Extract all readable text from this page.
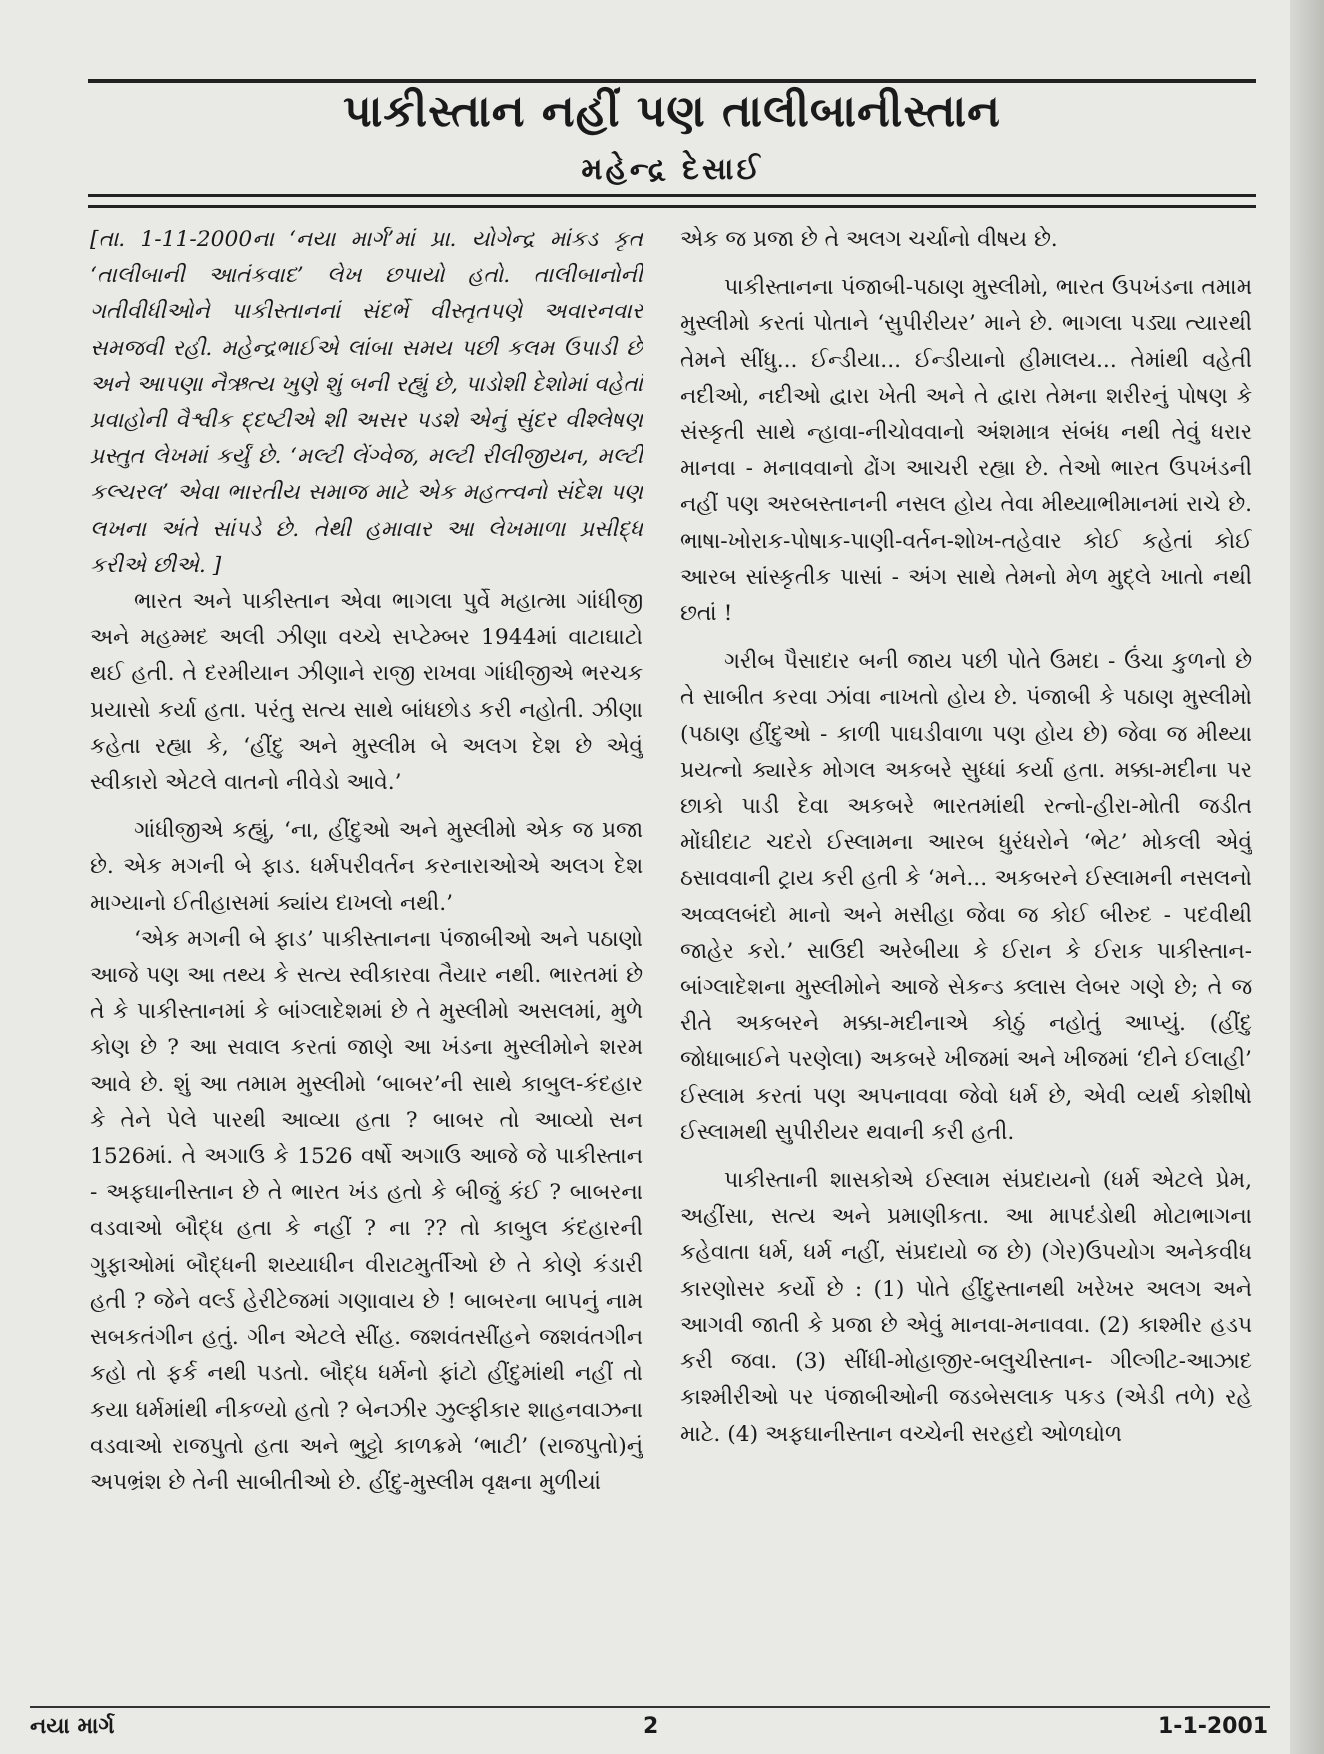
પાકીસ્તાન નહીં પણ તાલીબાનીસ્તાન
મહેન્દ્ર દેસાઈ

[તા. 1-11-2000ના ‘નયા માર્ગ’માં પ્રા. યોગેન્દ્ર માંકડ કૃત ‘તાલીબાની આતંકવાદ’ લેખ છપાયો હતો. તાલીબાનોની ગતીવીધીઓને પાકીસ્તાનનાં સંદર્ભે વીસ્તૃતપણે અવારનવાર સમજવી રહી. મહેન્દ્રભાઈએ લાંબા સમય પછી કલમ ઉપાડી છે અને આપણા નૈઋત્ય ખુણે શું બની રહ્યું છે, પાડોશી દેશોમાં વહેતાં પ્રવાહોની વૈશ્વીક દ્દષ્ટીએ શી અસર પડશે એનું સુંદર વીશ્લેષણ પ્રસ્તુત લેખમાં કર્યું છે. ‘મલ્ટી લેંગ્વેજ, મલ્ટી રીલીજીયન, મલ્ટી કલ્ચરલ’ એવા ભારતીય સમાજ માટે એક મહત્ત્વનો સંદેશ પણ લખના અંતે સાંપડે છે. તેથી હમાવાર આ લેખમાળા પ્રસીદ્ધ કરીએ છીએ. ]

ભારત અને પાકીસ્તાન એવા ભાગલા પુર્વે મહાત્મા ગાંધીજી અને મહમ્મદ અલી ઝીણા વચ્ચે સપ્ટેમ્બર 1944માં વાટાઘાટો થઈ હતી. તે દરમીયાન ઝીણાને રાજી રાખવા ગાંધીજીએ ભરચક પ્રયાસો કર્યા હતા. પરંતુ સત્ય સાથે બાંધછોડ કરી નહોતી. ઝીણા કહેતા રહ્યા કે, ‘હીંદુ અને મુસ્લીમ બે અલગ દેશ છે એવું સ્વીકારો એટલે વાતનો નીવેડો આવે.’

ગાંધીજીએ કહ્યું, ‘ના, હીંદુઓ અને મુસ્લીમો એક જ પ્રજા છે. એક મગની બે ફાડ. ધર્મપરીવર્તન કરનારાઓએ અલગ દેશ માગ્યાનો ઈતીહાસમાં ક્યાંય દાખલો નથી.’

‘એક મગની બે ફાડ’ પાકીસ્તાનના પંજાબીઓ અને પઠાણો આજે પણ આ તથ્ય કે સત્ય સ્વીકારવા તૈયાર નથી. ભારતમાં છે તે કે પાકીસ્તાનમાં કે બાંગ્લાદેશમાં છે તે મુસ્લીમો અસલમાં, મુળે કોણ છે ? આ સવાલ કરતાં જાણે આ ખંડના મુસ્લીમોને શરમ આવે છે. શું આ તમામ મુસ્લીમો ‘બાબર’ની સાથે કાબુલ-કંદહાર કે તેને પેલે પારથી આવ્યા હતા ? બાબર તો આવ્યો સન 1526માં. તે અગાઉ કે 1526 વર્ષો અગાઉ આજે જે પાકીસ્તાન - અફઘાનીસ્તાન છે તે ભારત ખંડ હતો કે બીજું કંઈ ? બાબરના વડવાઓ બૌદ્ધ હતા કે નહીં ? ના ?? તો કાબુલ કંદહારની ગુફાઓમાં બૌદ્ધની શય્યાધીન વીરાટમુર્તીઓ છે તે કોણે કંડારી હતી ? જેને વર્લ્ડ હેરીટેજમાં ગણાવાય છે ! બાબરના બાપનું નામ સબકતંગીન હતું. ગીન એટલે સીંહ. જશવંતસીંહને જશવંતગીન કહો તો ફર્ક નથી પડતો. બૌદ્ધ ધર્મનો ફાંટો હીંદુમાંથી નહીં તો કયા ધર્મમાંથી નીકળ્યો હતો ? બેનઝીર ઝુલ્ફીકાર શાહનવાઝના વડવાઓ રાજપુતો હતા અને ભુટ્ટો કાળક્રમે ‘ભાટી’ (રાજપુતો)નું અપભ્રંશ છે તેની સાબીતીઓ છે. હીંદુ-મુસ્લીમ વૃક્ષના મુળીયાં

એક જ પ્રજા છે તે અલગ ચર્ચાનો વીષય છે.

પાકીસ્તાનના પંજાબી-પઠાણ મુસ્લીમો, ભારત ઉપખંડના તમામ મુસ્લીમો કરતાં પોતાને ‘સુપીરીયર’ માને છે. ભાગલા પડ્યા ત્યારથી તેમને સીંધુ... ઈન્ડીયા... ઈન્ડીયાનો હીમાલય... તેમાંથી વહેતી નદીઓ, નદીઓ દ્વારા ખેતી અને તે દ્વારા તેમના શરીરનું પોષણ કે સંસ્કૃતી સાથે ન્હાવા-નીચોવવાનો અંશમાત્ર સંબંધ નથી તેવું ધરાર માનવા - મનાવવાનો ઢોંગ આચરી રહ્યા છે. તેઓ ભારત ઉપખંડની નહીં પણ અરબસ્તાનની નસલ હોય તેવા મીથ્યાભીમાનમાં રાચે છે. ભાષા-ખોરાક-પોષાક-પાણી-વર્તન-શોખ-તહેવાર કોઈ કહેતાં કોઈ આરબ સાંસ્કૃતીક પાસાં - અંગ સાથે તેમનો મેળ મુદ્લે ખાતો નથી છતાં !

ગરીબ પૈસાદાર બની જાય પછી પોતે ઉમદા - ઉંચા કુળનો છે તે સાબીત કરવા ઝાંવા નાખતો હોય છે. પંજાબી કે પઠાણ મુસ્લીમો (પઠાણ હીંદુઓ - કાળી પાઘડીવાળા પણ હોય છે) જેવા જ મીથ્યા પ્રયત્નો ક્યારેક મોગલ અકબરે સુધ્ધાં કર્યા હતા. મક્કા-મદીના પર છાકો પાડી દેવા અકબરે ભારતમાંથી રત્નો-હીરા-મોતી જડીત મોંઘીદાટ ચદરો ઈસ્લામના આરબ ધુરંધરોને ‘ભેટ’ મોકલી એવું ઠસાવવાની ટ્રાય કરી હતી કે ‘મને... અકબરને ઈસ્લામની નસલનો અવ્વલબંદો માનો અને મસીહા જેવા જ કોઈ બીરુદ - પદવીથી જાહેર કરો.’ સાઉદી અરેબીયા કે ઈરાન કે ઈરાક પાકીસ્તાન-બાંગ્લાદેશના મુસ્લીમોને આજે સેકન્ડ ક્લાસ લેબર ગણે છે; તે જ રીતે અકબરને મક્કા-મદીનાએ કોઠું નહોતું આપ્યું. (હીંદુ જોધાબાઈને પરણેલા) અકબરે ખીજમાં અને ખીજમાં ‘દીને ઈલાહી’ ઈસ્લામ કરતાં પણ અપનાવવા જેવો ધર્મ છે, એવી વ્યર્થ કોશીષો ઈસ્લામથી સુપીરીયર થવાની કરી હતી.

પાકીસ્તાની શાસકોએ ઈસ્લામ સંપ્રદાયનો (ધર્મ એટલે પ્રેમ, અહીંસા, સત્ય અને પ્રમાણીકતા. આ માપદંડોથી મોટાભાગના કહેવાતા ધર્મ, ધર્મ નહીં, સંપ્રદાયો જ છે) (ગેર)ઉપયોગ અનેકવીધ કારણોસર કર્યો છે : (1) પોતે હીંદુસ્તાનથી ખરેખર અલગ અને આગવી જાતી કે પ્રજા છે એવું માનવા-મનાવવા. (2) કાશ્મીર હડપ કરી જવા. (3) સીંધી-મોહાજીર-બલુચીસ્તાન- ગીલ્ગીટ-આઝાદ કાશ્મીરીઓ પર પંજાબીઓની જડબેસલાક પકડ (એડી તળે) રહે માટે. (4) અફઘાનીસ્તાન વચ્ચેની સરહદો ઓળઘોળ

નયા માર્ગ	2	1-1-2001
